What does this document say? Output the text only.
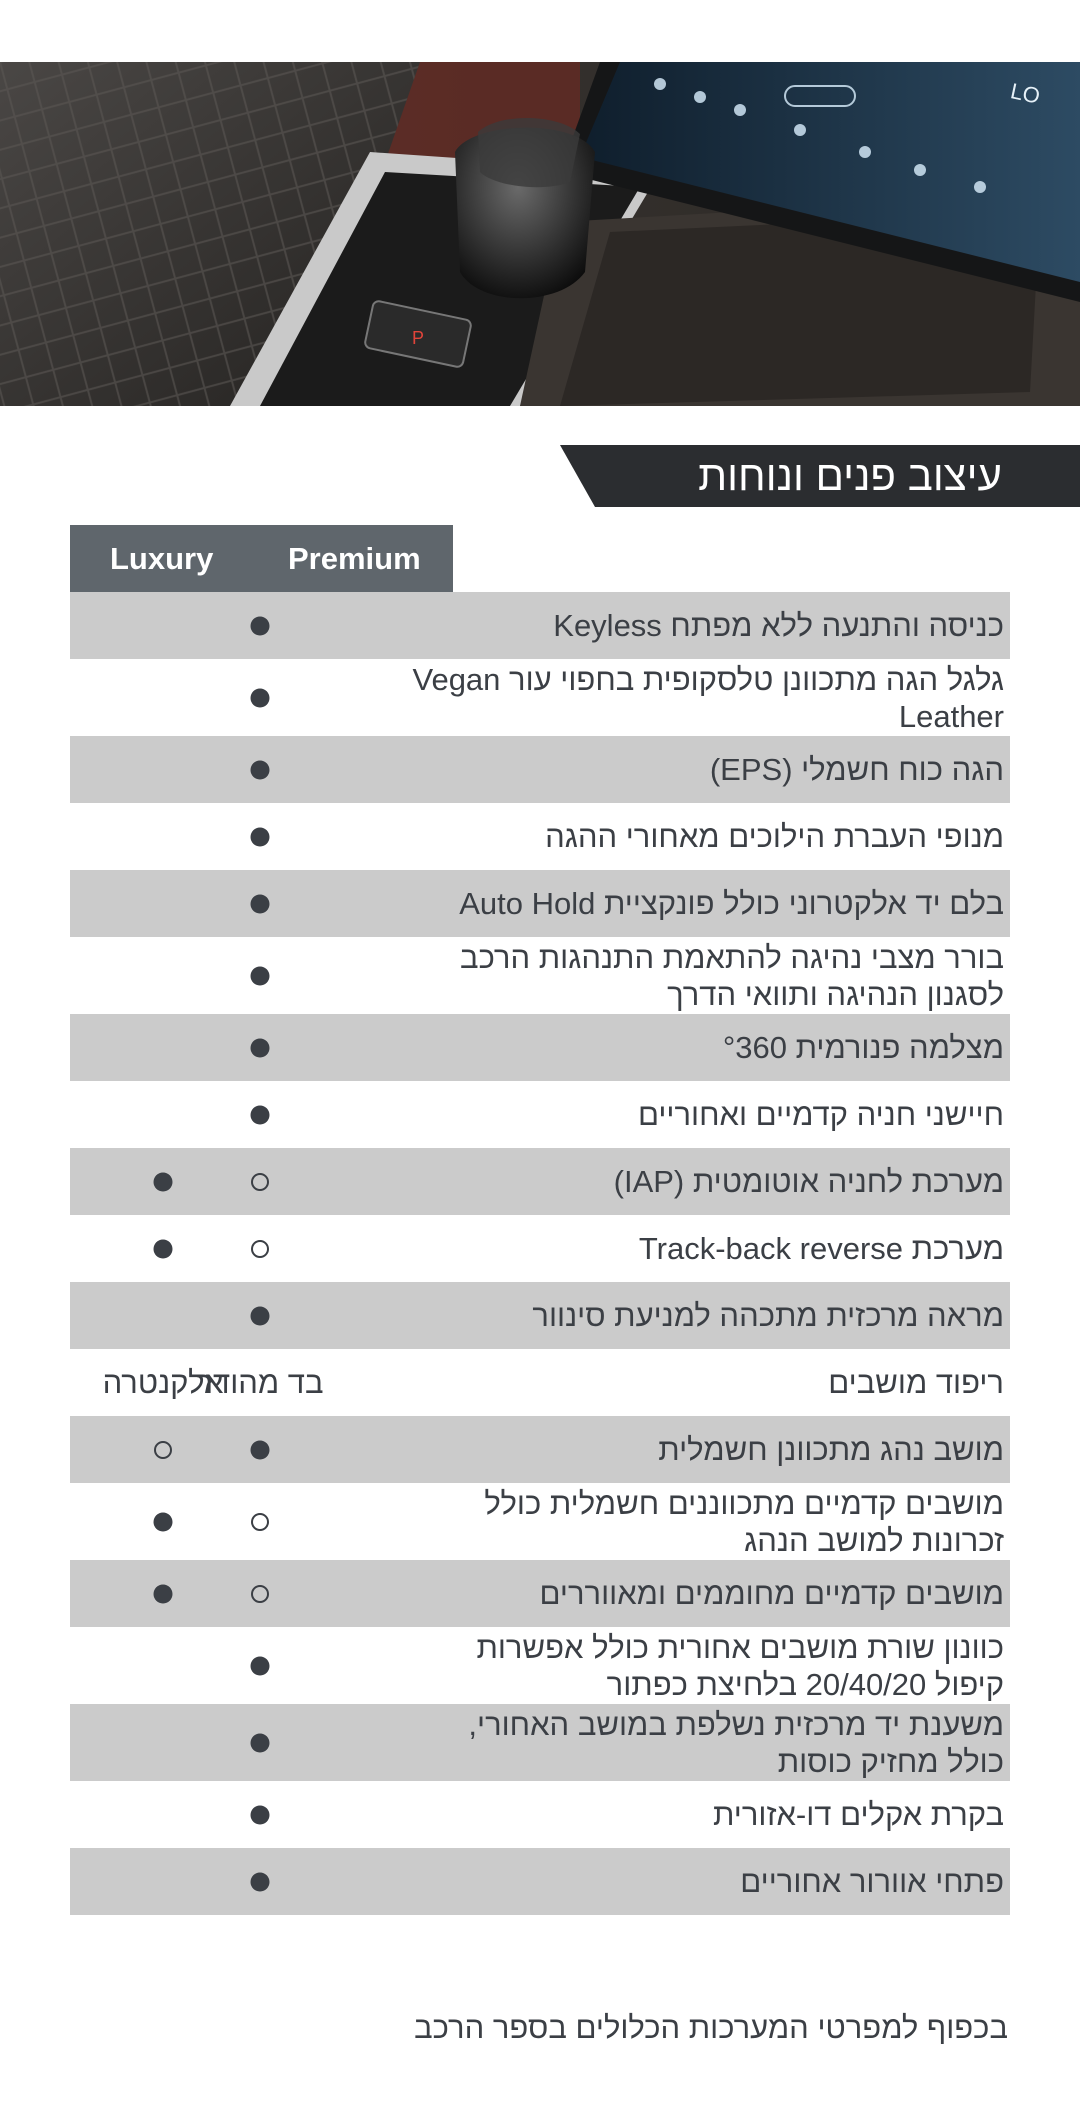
P
LO
עיצוב פנים ונוחות
Luxury Premium
כניסה והתנעה ללא מפתח Keyless
גלגל הגה מתכוונן טלסקופית בחפוי עור Vegan Leather
הגה כוח חשמלי (EPS)
מנופי העברת הילוכים מאחורי ההגה
בלם יד אלקטרוני כולל פונקציית Auto Hold
בורר מצבי נהיגה להתאמת התנהגות הרכב לסגנון הנהיגה ותוואי הדרך
מצלמה פנורמית °360
חיישני חניה קדמיים ואחוריים
מערכת לחניה אוטומטית (IAP)
מערכת Track-back reverse
מראה מרכזית מתכהה למניעת סינוור
ריפוד מושבים
בד מהודר
אלקנטרה
מושב נהג מתכוונן חשמלית
מושבים קדמיים מתכווננים חשמלית כולל זכרונות למושב הנהג
מושבים קדמיים מחוממים ומאווררים
כוונון שורת מושבים אחורית כולל אפשרות קיפול 20/40/20 בלחיצת כפתור
משענת יד מרכזית נשלפת במושב האחורי, כולל מחזיק כוסות
בקרת אקלים דו-אזורית
פתחי אוורור אחוריים
בכפוף למפרטי המערכות הכלולים בספר הרכב
